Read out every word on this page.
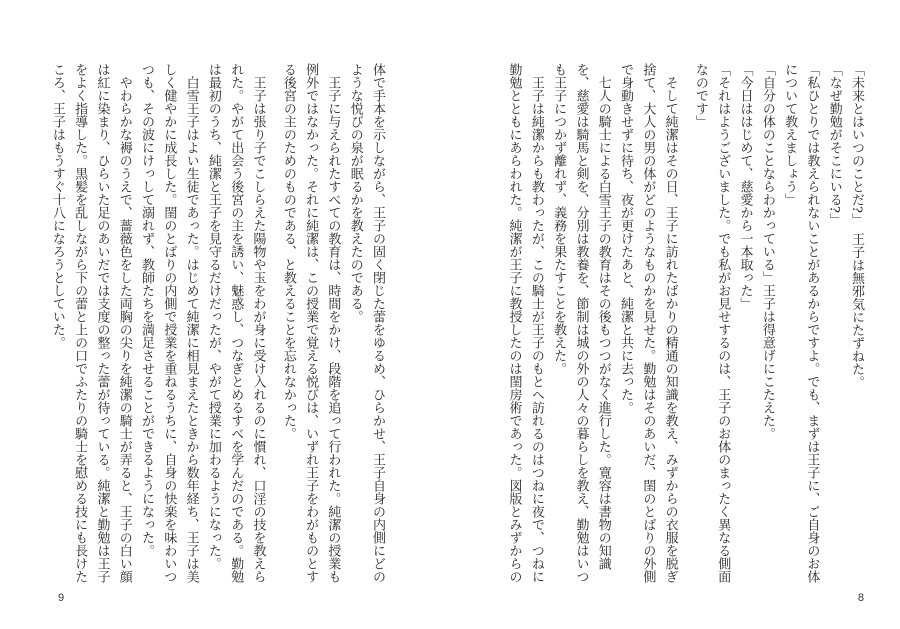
「未来とはいつのことだ?」　王子は無邪気にたずねた。
「なぜ勤勉がそこにいる?」
「私ひとりでは教えられないことがあるからですよ。でも、まずは王子に、ご自身のお体
について教えましょう」
「自分の体のことならわかっている」王子は得意げにこたえた。
「今日ははじめて、慈愛から一本取った」
「それはようございました。でも私がお見せするのは、王子のお体のまったく異なる側面
なのです」
　そして純潔はその日、王子に訪れたばかりの精通の知識を教え、みずからの衣服を脱ぎ
捨て、大人の男の体がどのようなものかを見せた。勤勉はそのあいだ、閨のとばりの外側
で身動きせずに待ち、夜が更けたあと、純潔と共に去った。
　七人の騎士による白雪王子の教育はその後もつつがなく進行した。寛容は書物の知識
を、慈愛は騎馬と剣を、分別は教養を、節制は城の外の人々の暮らしを教え、勤勉はいつ
も王子につかず離れず、義務を果たすことを教えた。
　王子は純潔からも教わったが、この騎士が王子のもとへ訪れるのはつねに夜で、つねに
勤勉とともにあらわれた。純潔が王子に教授したのは閨房術であった。図版とみずからの
体で手本を示しながら、王子の固く閉じた蕾をゆるめ、ひらかせ、王子自身の内側にどの
ような悦びの泉が眠るかを教えたのである。
　王子に与えられたすべての教育は、時間をかけ、段階を追って行われた。純潔の授業も
例外ではなかった。それに純潔は、この授業で覚える悦びは、いずれ王子をわがものとす
る後宮の主のためのものである、と教えることを忘れなかった。
　王子は張り子でこしらえた陽物や玉をわが身に受け入れるのに慣れ、口淫の技を教えら
れた。やがて出会う後宮の主を誘い、魅惑し、つなぎとめるすべを学んだのである。勤勉
は最初のうち、純潔と王子を見守るだけだったが、やがて授業に加わるようになった。
　白雪王子はよい生徒であった。はじめて純潔に相見まえたときから数年経ち、王子は美
しく健やかに成長した。閨のとばりの内側で授業を重ねるうちに、自身の快楽を味わいつ
つも、その波にけっして溺れず、教師たちを満足させることができるようになった。
　やわらかな褥のうえで、薔薇色をした両胸の尖りを純潔の騎士が弄ると、王子の白い顔
は紅に染まり、ひらいた足のあいだでは支度の整った蕾が待っている。純潔と勤勉は王子
をよく指導した。黒髪を乱しながら下の蕾と上の口でふたりの騎士を慰める技にも長けた
ころ、王子はもうすぐ十八になろうとしていた。
8
9
